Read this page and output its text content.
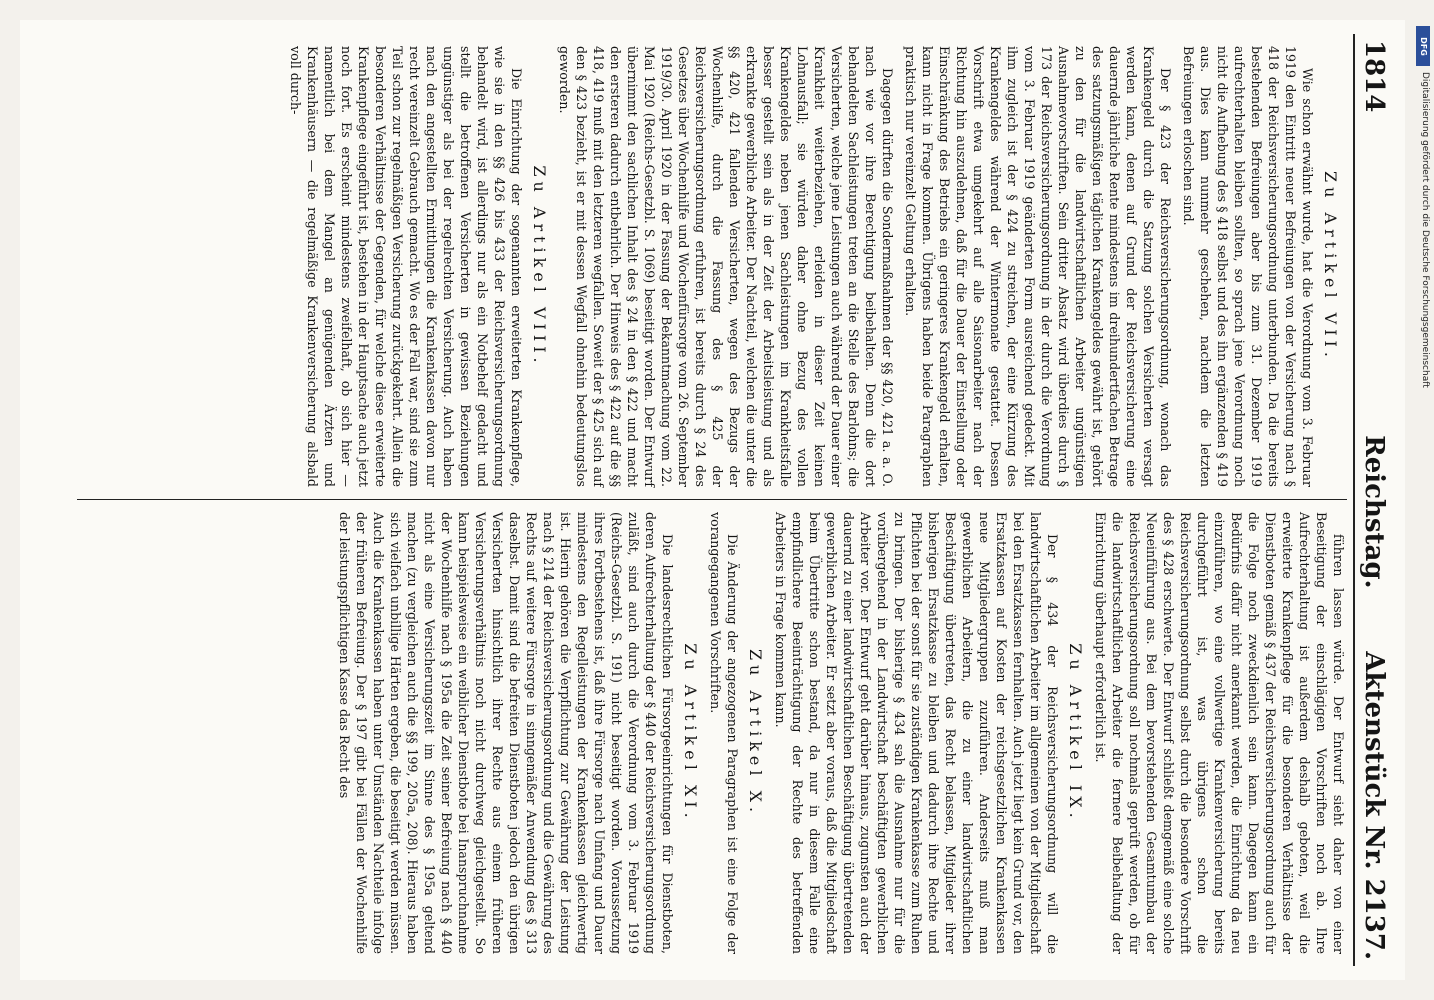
1814
Reichstag.
Aktenstück Nr. 2137.
Zu Artikel VII.

Wie schon erwähnt wurde, hat die Verordnung vom 3. Februar 1919 den Eintritt neuer Befreiungen von der Versicherung nach § 418 der Reichsversicherungsordnung unterbunden. Da die bereits bestehenden Befreiungen aber bis zum 31. Dezember 1919 aufrechterhalten bleiben sollten, so sprach jene Verordnung noch nicht die Aufhebung des § 418 selbst und des ihn ergänzenden § 419 aus. Dies kann nunmehr geschehen, nachdem die letzten Befreiungen erloschen sind.

Der § 423 der Reichsversicherungsordnung, wonach das Krankengeld durch die Satzung solchen Versicherten versagt werden kann, denen auf Grund der Reichsversicherung eine dauernde jährliche Rente mindestens im dreihundertfachen Betrage des satzungsmäßigen täglichen Krankengeldes gewährt ist, gehört zu den für die landwirtschaftlichen Arbeiter ungünstigen Ausnahmevorschriften. Sein dritter Absatz wird überdies durch § 173 der Reichsversicherungsordnung in der durch die Verordnung vom 3. Februar 1919 geänderten Form ausreichend gedeckt. Mit ihm zugleich ist der § 424 zu streichen, der eine Kürzung des Krankengeldes während der Wintermonate gestattet. Dessen Vorschrift etwa umgekehrt auf alle Saisonarbeiter nach der Richtung hin auszudehnen, daß für die Dauer der Einstellung oder Einschränkung des Betriebs ein geringeres Krankengeld erhalten, kann nicht in Frage kommen. Übrigens haben beide Paragraphen praktisch nur vereinzelt Geltung erhalten.

Dagegen dürften die Sondermaßnahmen der §§ 420, 421 a. a. O. nach wie vor ihre Berechtigung beibehalten. Denn die dort behandelten Sachleistungen treten an die Stelle des Barlohns; die Versicherten, welche jene Leistungen auch während der Dauer einer Krankheit weiterbeziehen, erleiden in dieser Zeit keinen Lohnausfall; sie würden daher ohne Bezug des vollen Krankengeldes neben jenen Sachleistungen im Krankheitsfalle besser gestellt sein als in der Zeit der Arbeitsleistung und als erkrankte gewerbliche Arbeiter. Der Nachteil, welchen die unter die §§ 420, 421 fallenden Versicherten, wegen des Bezugs der Wochenhilfe, durch die Fassung des § 425 der Reichsversicherungsordnung erfuhren, ist bereits durch § 24 des Gesetzes über Wochenhilfe und Wochenfürsorge vom 26. September 1919/30. April 1920 in der Fassung der Bekanntmachung vom 22. Mai 1920 (Reichs-Gesetzbl. S. 1069) beseitigt worden. Der Entwurf übernimmt den sachlichen Inhalt des § 24 in den § 422 und macht den ersteren dadurch entbehrlich. Der Hinweis des § 422 auf die §§ 418, 419 muß mit den letzteren wegfallen. Soweit der § 425 sich auf den § 423 bezieht, ist er mit dessen Wegfall ohnehin bedeutungslos geworden.

Zu Artikel VIII.

Die Einrichtung der sogenannten erweiterten Krankenpflege, wie sie in den §§ 426 bis 433 der Reichsversicherungsordnung behandelt wird, ist allerdings nur als ein Notbehelf gedacht und stellt die betroffenen Versicherten in gewissen Beziehungen ungünstiger als bei der regelrechten Versicherung. Auch haben nach den angestellten Ermittlungen die Krankenkassen davon nur recht vereinzelt Gebrauch gemacht. Wo es der Fall war, sind sie zum Teil schon zur regelmäßigen Versicherung zurückgekehrt. Allein die besonderen Verhältnisse der Gegenden, für welche diese erweiterte Krankenpflege eingeführt ist, bestehen in der Hauptsache auch jetzt noch fort. Es erscheint mindestens zweifelhaft, ob sich hier — namentlich bei dem Mangel an genügenden Ärzten und Krankenhäusern — die regelmäßige Krankenversicherung alsbald voll durch-

führen lassen würde. Der Entwurf sieht daher von einer Beseitigung der einschlägigen Vorschriften noch ab. Ihre Aufrechterhaltung ist außerdem deshalb geboten, weil die erweiterte Krankenpflege für die besonderen Verhältnisse der Dienstboten gemäß § 437 der Reichsversicherungsordnung auch für die Folge noch zweckdienlich sein kann. Dagegen kann ein Bedürfnis dafür nicht anerkannt werden, die Einrichtung da neu einzuführen, wo eine vollwertige Krankenversicherung bereits durchgeführt ist, was übrigens schon die Reichsversicherungsordnung selbst durch die besondere Vorschrift des § 428 erschwerte. Der Entwurf schließt demgemäß eine solche Neueinführung aus. Bei dem bevorstehenden Gesamtumbau der Reichsversicherungsordnung soll nochmals geprüft werden, ob für die landwirtschaftlichen Arbeiter die fernere Beibehaltung der Einrichtung überhaupt erforderlich ist.

Zu Artikel IX.

Der § 434 der Reichsversicherungsordnung will die landwirtschaftlichen Arbeiter im allgemeinen von der Mitgliedschaft bei den Ersatzkassen fernhalten. Auch jetzt liegt kein Grund vor, den Ersatzkassen auf Kosten der reichsgesetzlichen Krankenkassen neue Mitgliedergruppen zuzuführen. Anderseits muß man gewerblichen Arbeitern, die zu einer landwirtschaftlichen Beschäftigung übertreten, das Recht belassen, Mitglieder ihrer bisherigen Ersatzkasse zu bleiben und dadurch ihre Rechte und Pflichten bei der sonst für sie zuständigen Krankenkasse zum Ruhen zu bringen. Der bisherige § 434 sah die Ausnahme nur für die vorübergehend in der Landwirtschaft beschäftigten gewerblichen Arbeiter vor. Der Entwurf geht darüber hinaus, zugunsten auch der dauernd zu einer landwirtschaftlichen Beschäftigung übertretenden gewerblichen Arbeiter. Er setzt aber voraus, daß die Mitgliedschaft beim Übertritte schon bestand, da nur in diesem Falle eine empfindlichere Beeinträchtigung der Rechte des betreffenden Arbeiters in Frage kommen kann.

Zu Artikel X.

Die Änderung der angezogenen Paragraphen ist eine Folge der vorangegangenen Vorschriften.

Zu Artikel XI.

Die landesrechtlichen Fürsorgeeinrichtungen für Dienstboten, deren Aufrechterhaltung der § 440 der Reichsversicherungsordnung zuläßt, sind auch durch die Verordnung vom 3. Februar 1919 (Reichs-Gesetzbl. S. 191) nicht beseitigt worden. Voraussetzung ihres Fortbestehens ist, daß ihre Fürsorge nach Umfang und Dauer mindestens den Regelleistungen der Krankenkassen gleichwertig ist. Hierin gehören die Verpflichtung zur Gewährung der Leistung nach § 214 der Reichsversicherungsordnung und die Gewährung des Rechts auf weitere Fürsorge in sinngemäßer Anwendung des § 313 daselbst. Damit sind die befreiten Dienstboten jedoch den übrigen Versicherten hinsichtlich ihrer Rechte aus einem früheren Versicherungsverhältnis noch nicht durchweg gleichgestellt. So kann beispielsweise ein weiblicher Dienstbote bei Inanspruchnahme der Wochenhilfe nach § 195a die Zeit seiner Befreiung nach § 440 nicht als eine Versicherungszeit im Sinne des § 195a geltend machen (zu vergleichen auch die §§ 199, 205a, 208). Hieraus haben sich vielfach unbillige Härten ergeben, die beseitigt werden müssen. Auch die Krankenkassen haben unter Umständen Nachteile infolge der früheren Befreiung. Der § 197 gibt bei Fällen der Wochenhilfe der leistungspflichtigen Kasse das Recht des

DFG
Digitalisierung gefördert durch die Deutsche Forschungsgemeinschaft
